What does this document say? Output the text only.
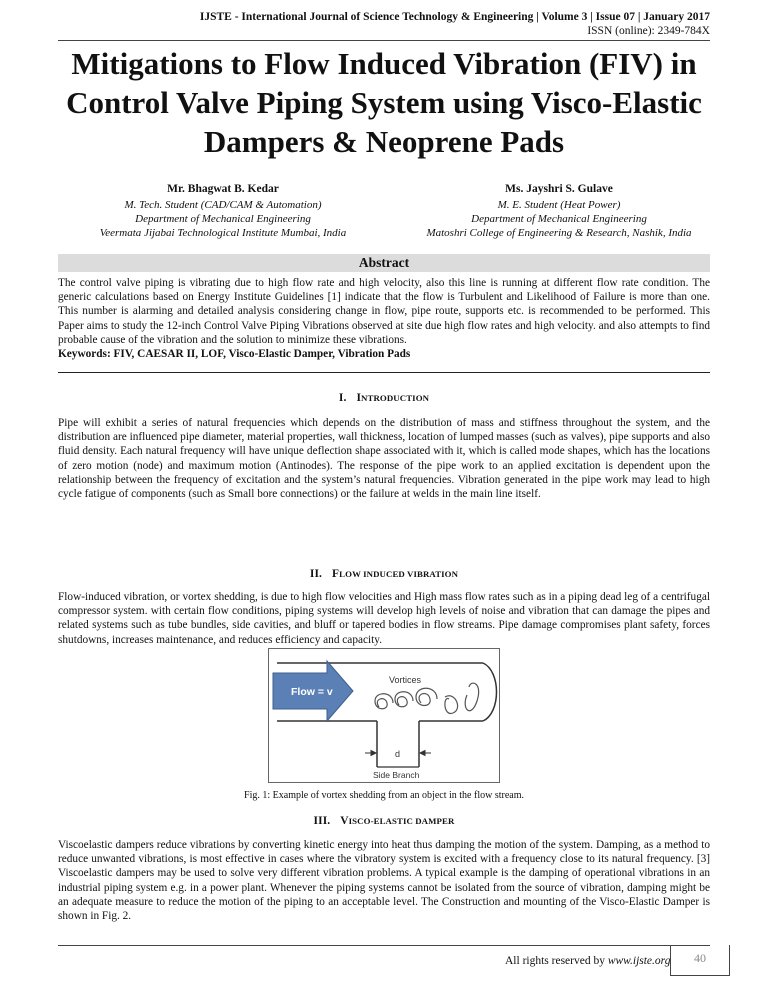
IJSTE - International Journal of Science Technology & Engineering | Volume 3 | Issue 07 | January 2017
ISSN (online): 2349-784X
Mitigations to Flow Induced Vibration (FIV) in Control Valve Piping System using Visco-Elastic Dampers & Neoprene Pads
Mr. Bhagwat B. Kedar
M. Tech. Student (CAD/CAM & Automation)
Department of Mechanical Engineering
Veermata Jijabai Technological Institute Mumbai, India
Ms. Jayshri S. Gulave
M. E. Student (Heat Power)
Department of Mechanical Engineering
Matoshri College of Engineering & Research, Nashik, India
Abstract

The control valve piping is vibrating due to high flow rate and high velocity, also this line is running at different flow rate condition. The generic calculations based on Energy Institute Guidelines [1] indicate that the flow is Turbulent and Likelihood of Failure is more than one. This number is alarming and detailed analysis considering change in flow, pipe route, supports etc. is recommended to be performed. This Paper aims to study the 12-inch Control Valve Piping Vibrations observed at site due high flow rates and high velocity. and also attempts to find probable cause of the vibration and the solution to minimize these vibrations.

Keywords: FIV, CAESAR II, LOF, Visco-Elastic Damper, Vibration Pads

I. INTRODUCTION

Pipe will exhibit a series of natural frequencies which depends on the distribution of mass and stiffness throughout the system, and the distribution are influenced pipe diameter, material properties, wall thickness, location of lumped masses (such as valves), pipe supports and also fluid density. Each natural frequency will have unique deflection shape associated with it, which is called mode shapes, which has the locations of zero motion (node) and maximum motion (Antinodes). The response of the pipe work to an applied excitation is dependent upon the relationship between the frequency of excitation and the system’s natural frequencies. Vibration generated in the pipe work may lead to high cycle fatigue of components (such as Small bore connections) or the failure at welds in the main line itself.

II. FLOW INDUCED VIBRATION

Flow-induced vibration, or vortex shedding, is due to high flow velocities and High mass flow rates such as in a piping dead leg of a centrifugal compressor system. with certain flow conditions, piping systems will develop high levels of noise and vibration that can damage the pipes and related systems such as tube bundles, side cavities, and bluff or tapered bodies in flow streams. Pipe damage compromises plant safety, forces shutdowns, increases maintenance, and reduces efficiency and capacity.

Vortices
Flow = v
d
Side Branch
Fig. 1: Example of vortex shedding from an object in the flow stream.
III. VISCO-ELASTIC DAMPER

Viscoelastic dampers reduce vibrations by converting kinetic energy into heat thus damping the motion of the system. Damping, as a method to reduce unwanted vibrations, is most effective in cases where the vibratory system is excited with a frequency close to its natural frequency. [3] Viscoelastic dampers may be used to solve very different vibration problems. A typical example is the damping of operational vibrations in an industrial piping system e.g. in a power plant. Whenever the piping systems cannot be isolated from the source of vibration, damping might be an adequate measure to reduce the motion of the piping to an acceptable level. The Construction and mounting of the Visco-Elastic Damper is shown in Fig. 2.

All rights reserved by www.ijste.org	40
